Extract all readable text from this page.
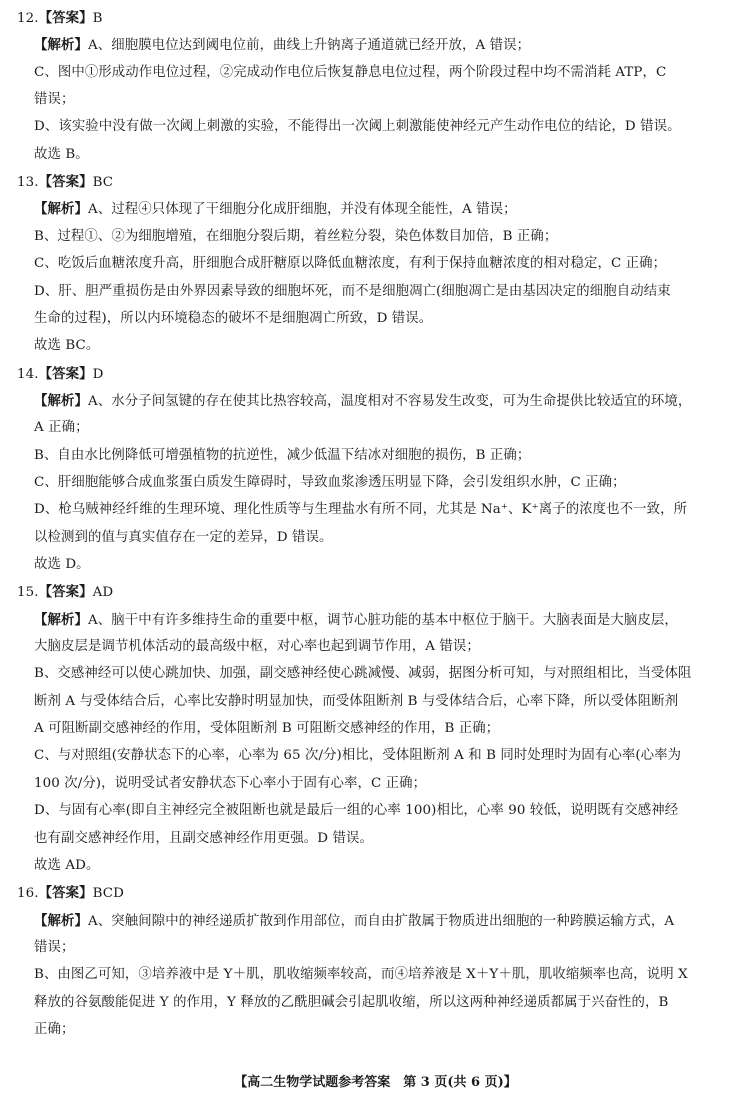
12.【答案】B
【解析】A、细胞膜电位达到阈电位前，曲线上升钠离子通道就已经开放，A 错误；
C、图中①形成动作电位过程，②完成动作电位后恢复静息电位过程，两个阶段过程中均不需消耗 ATP，C
错误；
D、该实验中没有做一次阈上刺激的实验，不能得出一次阈上刺激能使神经元产生动作电位的结论，D 错误。
故选 B。
13.【答案】BC
【解析】A、过程④只体现了干细胞分化成肝细胞，并没有体现全能性，A 错误；
B、过程①、②为细胞增殖，在细胞分裂后期，着丝粒分裂，染色体数目加倍，B 正确；
C、吃饭后血糖浓度升高，肝细胞合成肝糖原以降低血糖浓度，有利于保持血糖浓度的相对稳定，C 正确；
D、肝、胆严重损伤是由外界因素导致的细胞坏死，而不是细胞凋亡(细胞凋亡是由基因决定的细胞自动结束
生命的过程)，所以内环境稳态的破坏不是细胞凋亡所致，D 错误。
故选 BC。
14.【答案】D
【解析】A、水分子间氢键的存在使其比热容较高，温度相对不容易发生改变，可为生命提供比较适宜的环境，
A 正确；
B、自由水比例降低可增强植物的抗逆性，减少低温下结冰对细胞的损伤，B 正确；
C、肝细胞能够合成血浆蛋白质发生障碍时，导致血浆渗透压明显下降，会引发组织水肿，C 正确；
D、枪乌贼神经纤维的生理环境、理化性质等与生理盐水有所不同，尤其是 Na⁺、K⁺离子的浓度也不一致，所
以检测到的值与真实值存在一定的差异，D 错误。
故选 D。
15.【答案】AD
【解析】A、脑干中有许多维持生命的重要中枢，调节心脏功能的基本中枢位于脑干。大脑表面是大脑皮层，
大脑皮层是调节机体活动的最高级中枢，对心率也起到调节作用，A 错误；
B、交感神经可以使心跳加快、加强，副交感神经使心跳减慢、减弱，据图分析可知，与对照组相比，当受体阻
断剂 A 与受体结合后，心率比安静时明显加快，而受体阻断剂 B 与受体结合后，心率下降，所以受体阻断剂
A 可阻断副交感神经的作用，受体阻断剂 B 可阻断交感神经的作用，B 正确；
C、与对照组(安静状态下的心率，心率为 65 次/分)相比，受体阻断剂 A 和 B 同时处理时为固有心率(心率为
100 次/分)，说明受试者安静状态下心率小于固有心率，C 正确；
D、与固有心率(即自主神经完全被阻断也就是最后一组的心率 100)相比，心率 90 较低，说明既有交感神经
也有副交感神经作用，且副交感神经作用更强。D 错误。
故选 AD。
16.【答案】BCD
【解析】A、突触间隙中的神经递质扩散到作用部位，而自由扩散属于物质进出细胞的一种跨膜运输方式，A
错误；
B、由图乙可知，③培养液中是 Y＋肌，肌收缩频率较高，而④培养液是 X＋Y＋肌，肌收缩频率也高，说明 X
释放的谷氨酸能促进 Y 的作用，Y 释放的乙酰胆碱会引起肌收缩，所以这两种神经递质都属于兴奋性的，B
正确；
【高二生物学试题参考答案　第 3 页(共 6 页)】
